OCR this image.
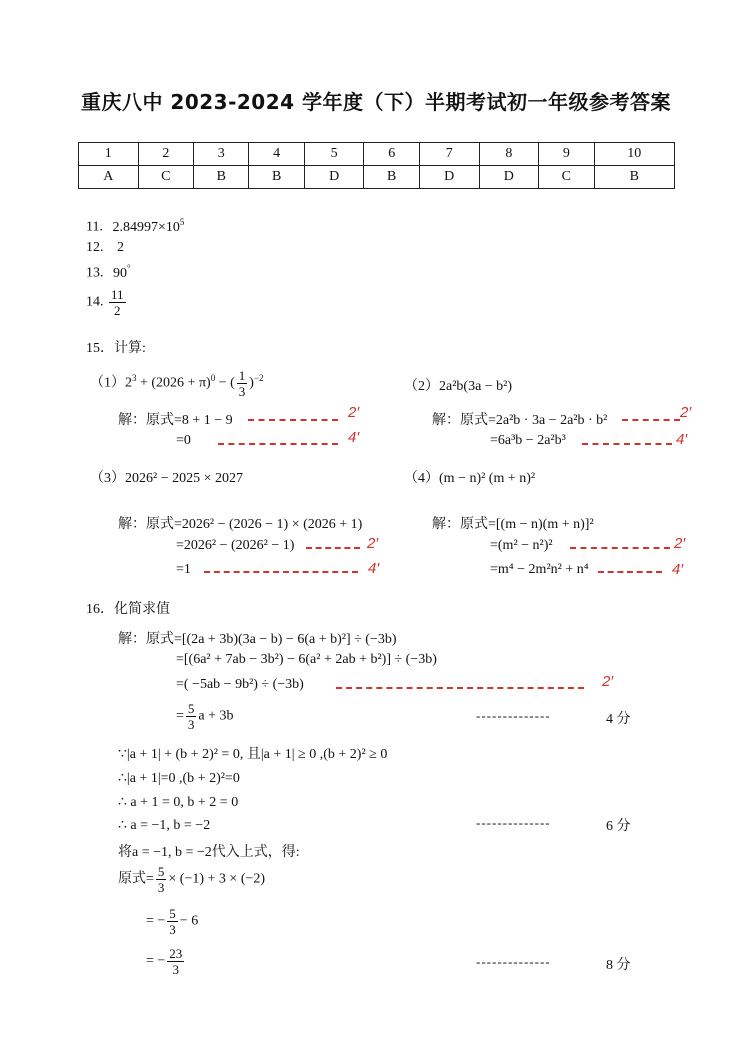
重庆八中 2023-2024 学年度（下）半期考试初一年级参考答案
1	2	3	4	5	6	7	8	9	10
A	C	B	B	D	B	D	D	C	B
11. $2.84997\times 10^5$
12. 2
13. 90°
14. $\frac{11}{2}$
15．计算:
$(1)2^3 + (2026 + \pi)^0$ − ( $\frac{1}{3} )^{-2}$
解：原式=8 + 1 − 9	2′
=0	4′
（2）2a²b(3a − b²)
解：原式=2a²b · 3a − 2a²b · b²	2′
=6a³b − 2a²b³	4′
（3）2026² − 2025 × 2027
解：原式=2026² − (2026 − 1) × (2026 + 1)
=2026² − (2026² − 1)	2′
=1	4′
（4）(m − n)² (m + n)²
解：原式=[(m − n)(m + n)]²
=(m² − n²)²	2′
=m⁴ − 2m²n² + n⁴	4′
16．化简求值
解：原式=[(2a + 3b)(3a − b) − 6(a + b)²] ÷ (−3b)
=[(6a² + 7ab − 3b²) − 6(a² + 2ab + b²)] ÷ (−3b)
=( −5ab − 9b²) ÷ (−3b)	2′
= $\frac{5}{3}$ a + 3b	--------------	4 分
∵|a + 1| + (b + 2)² = 0, 且|a + 1| ≥ 0 ,(b + 2)² ≥ 0
∴|a + 1|=0 ,(b + 2)²=0
∴ a + 1 = 0, b + 2 = 0
∴ a = −1, b = −2	--------------	6 分
将a = −1, b = −2代入上式，得:
原式= $\frac{5}{3} \times (-1) + 3 \times (-2)$
= − $\frac{5}{3} - 6$
= − $\frac{23}{3}$	--------------	8 分
